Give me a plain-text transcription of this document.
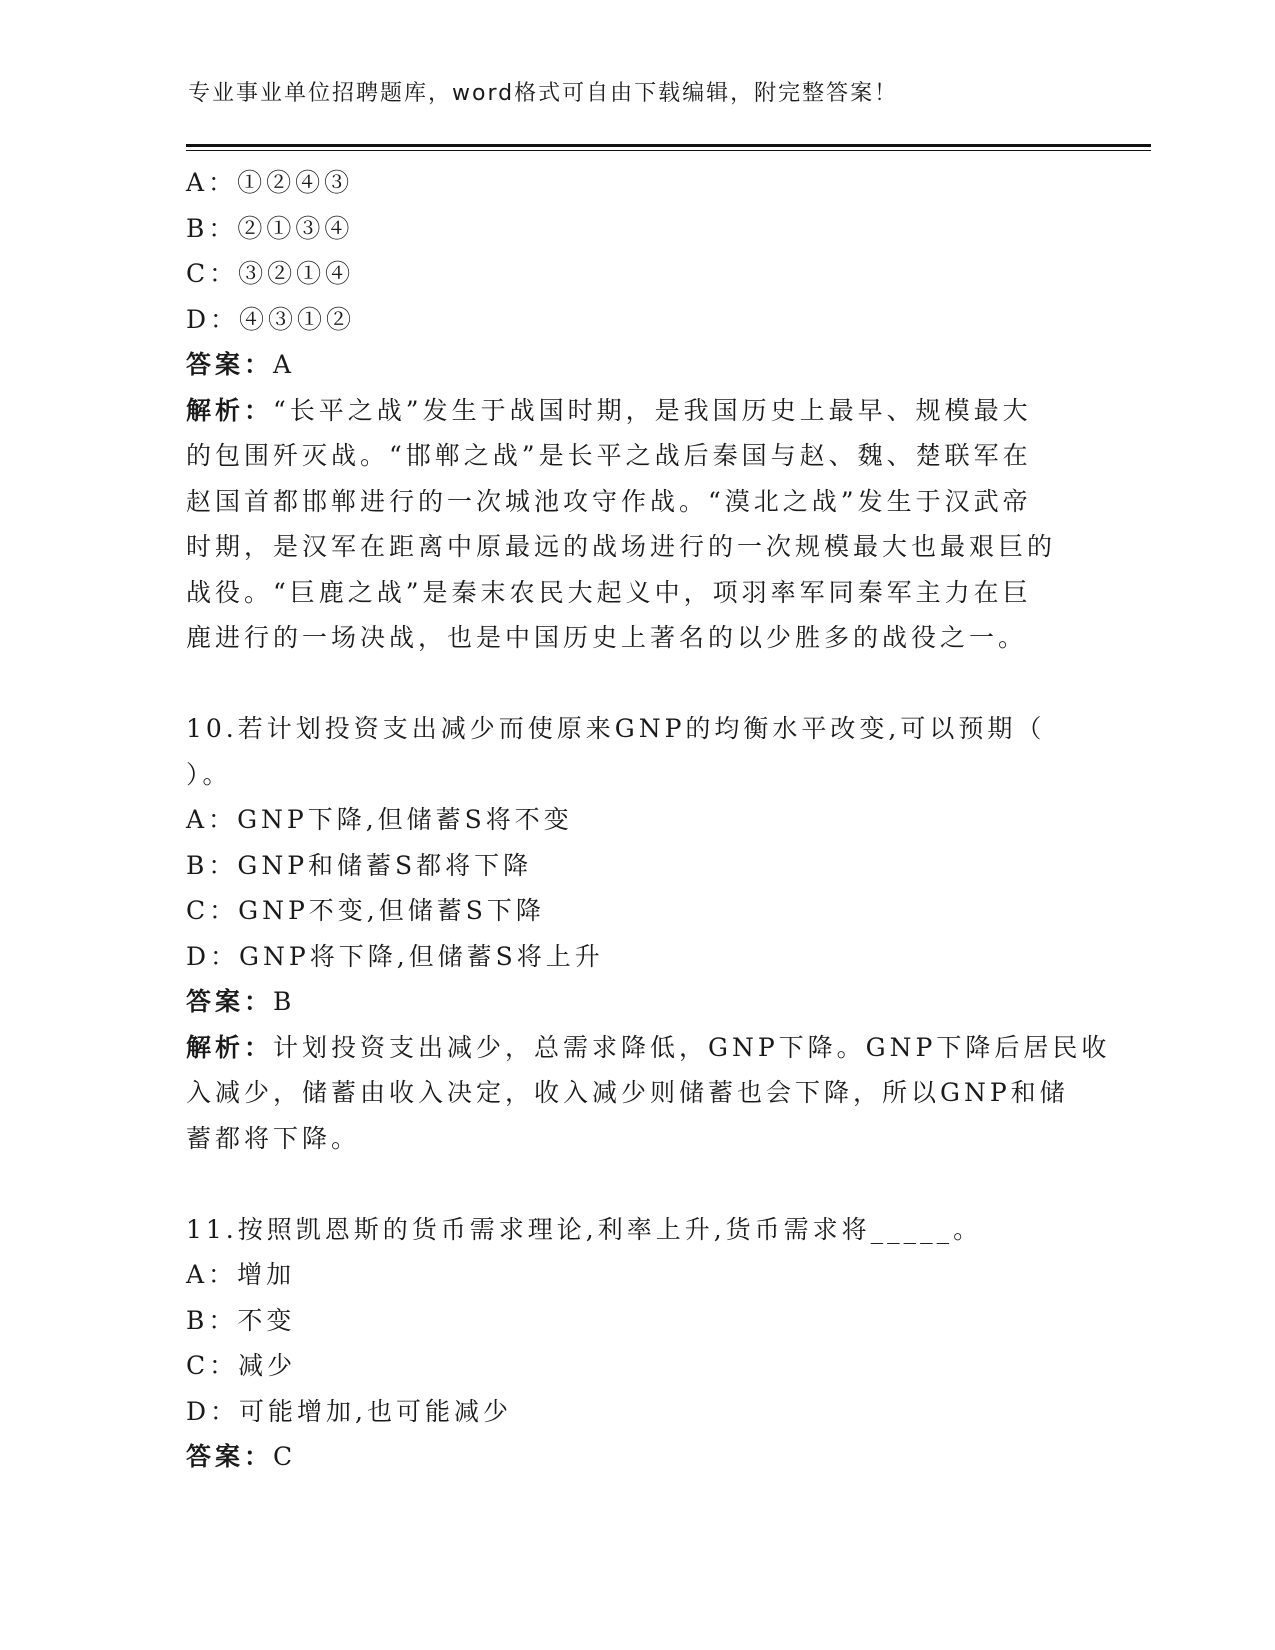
专业事业单位招聘题库，word格式可自由下载编辑，附完整答案！
A：①②④③
B：②①③④
C：③②①④
D：④③①②
答案：A
解析：“长平之战”发生于战国时期，是我国历史上最早、规模最大
的包围歼灭战。“邯郸之战”是长平之战后秦国与赵、魏、楚联军在
赵国首都邯郸进行的一次城池攻守作战。“漠北之战”发生于汉武帝
时期，是汉军在距离中原最远的战场进行的一次规模最大也最艰巨的
战役。“巨鹿之战”是秦末农民大起义中，项羽率军同秦军主力在巨
鹿进行的一场决战，也是中国历史上著名的以少胜多的战役之一。
10.若计划投资支出减少而使原来GNP的均衡水平改变,可以预期（
）。
A：GNP下降,但储蓄S将不变
B：GNP和储蓄S都将下降
C：GNP不变,但储蓄S下降
D：GNP将下降,但储蓄S将上升
答案：B
解析：计划投资支出减少，总需求降低，GNP下降。GNP下降后居民收
入减少，储蓄由收入决定，收入减少则储蓄也会下降，所以GNP和储
蓄都将下降。
11.按照凯恩斯的货币需求理论,利率上升,货币需求将_____。
A：增加
B：不变
C：减少
D：可能增加,也可能减少
答案：C
